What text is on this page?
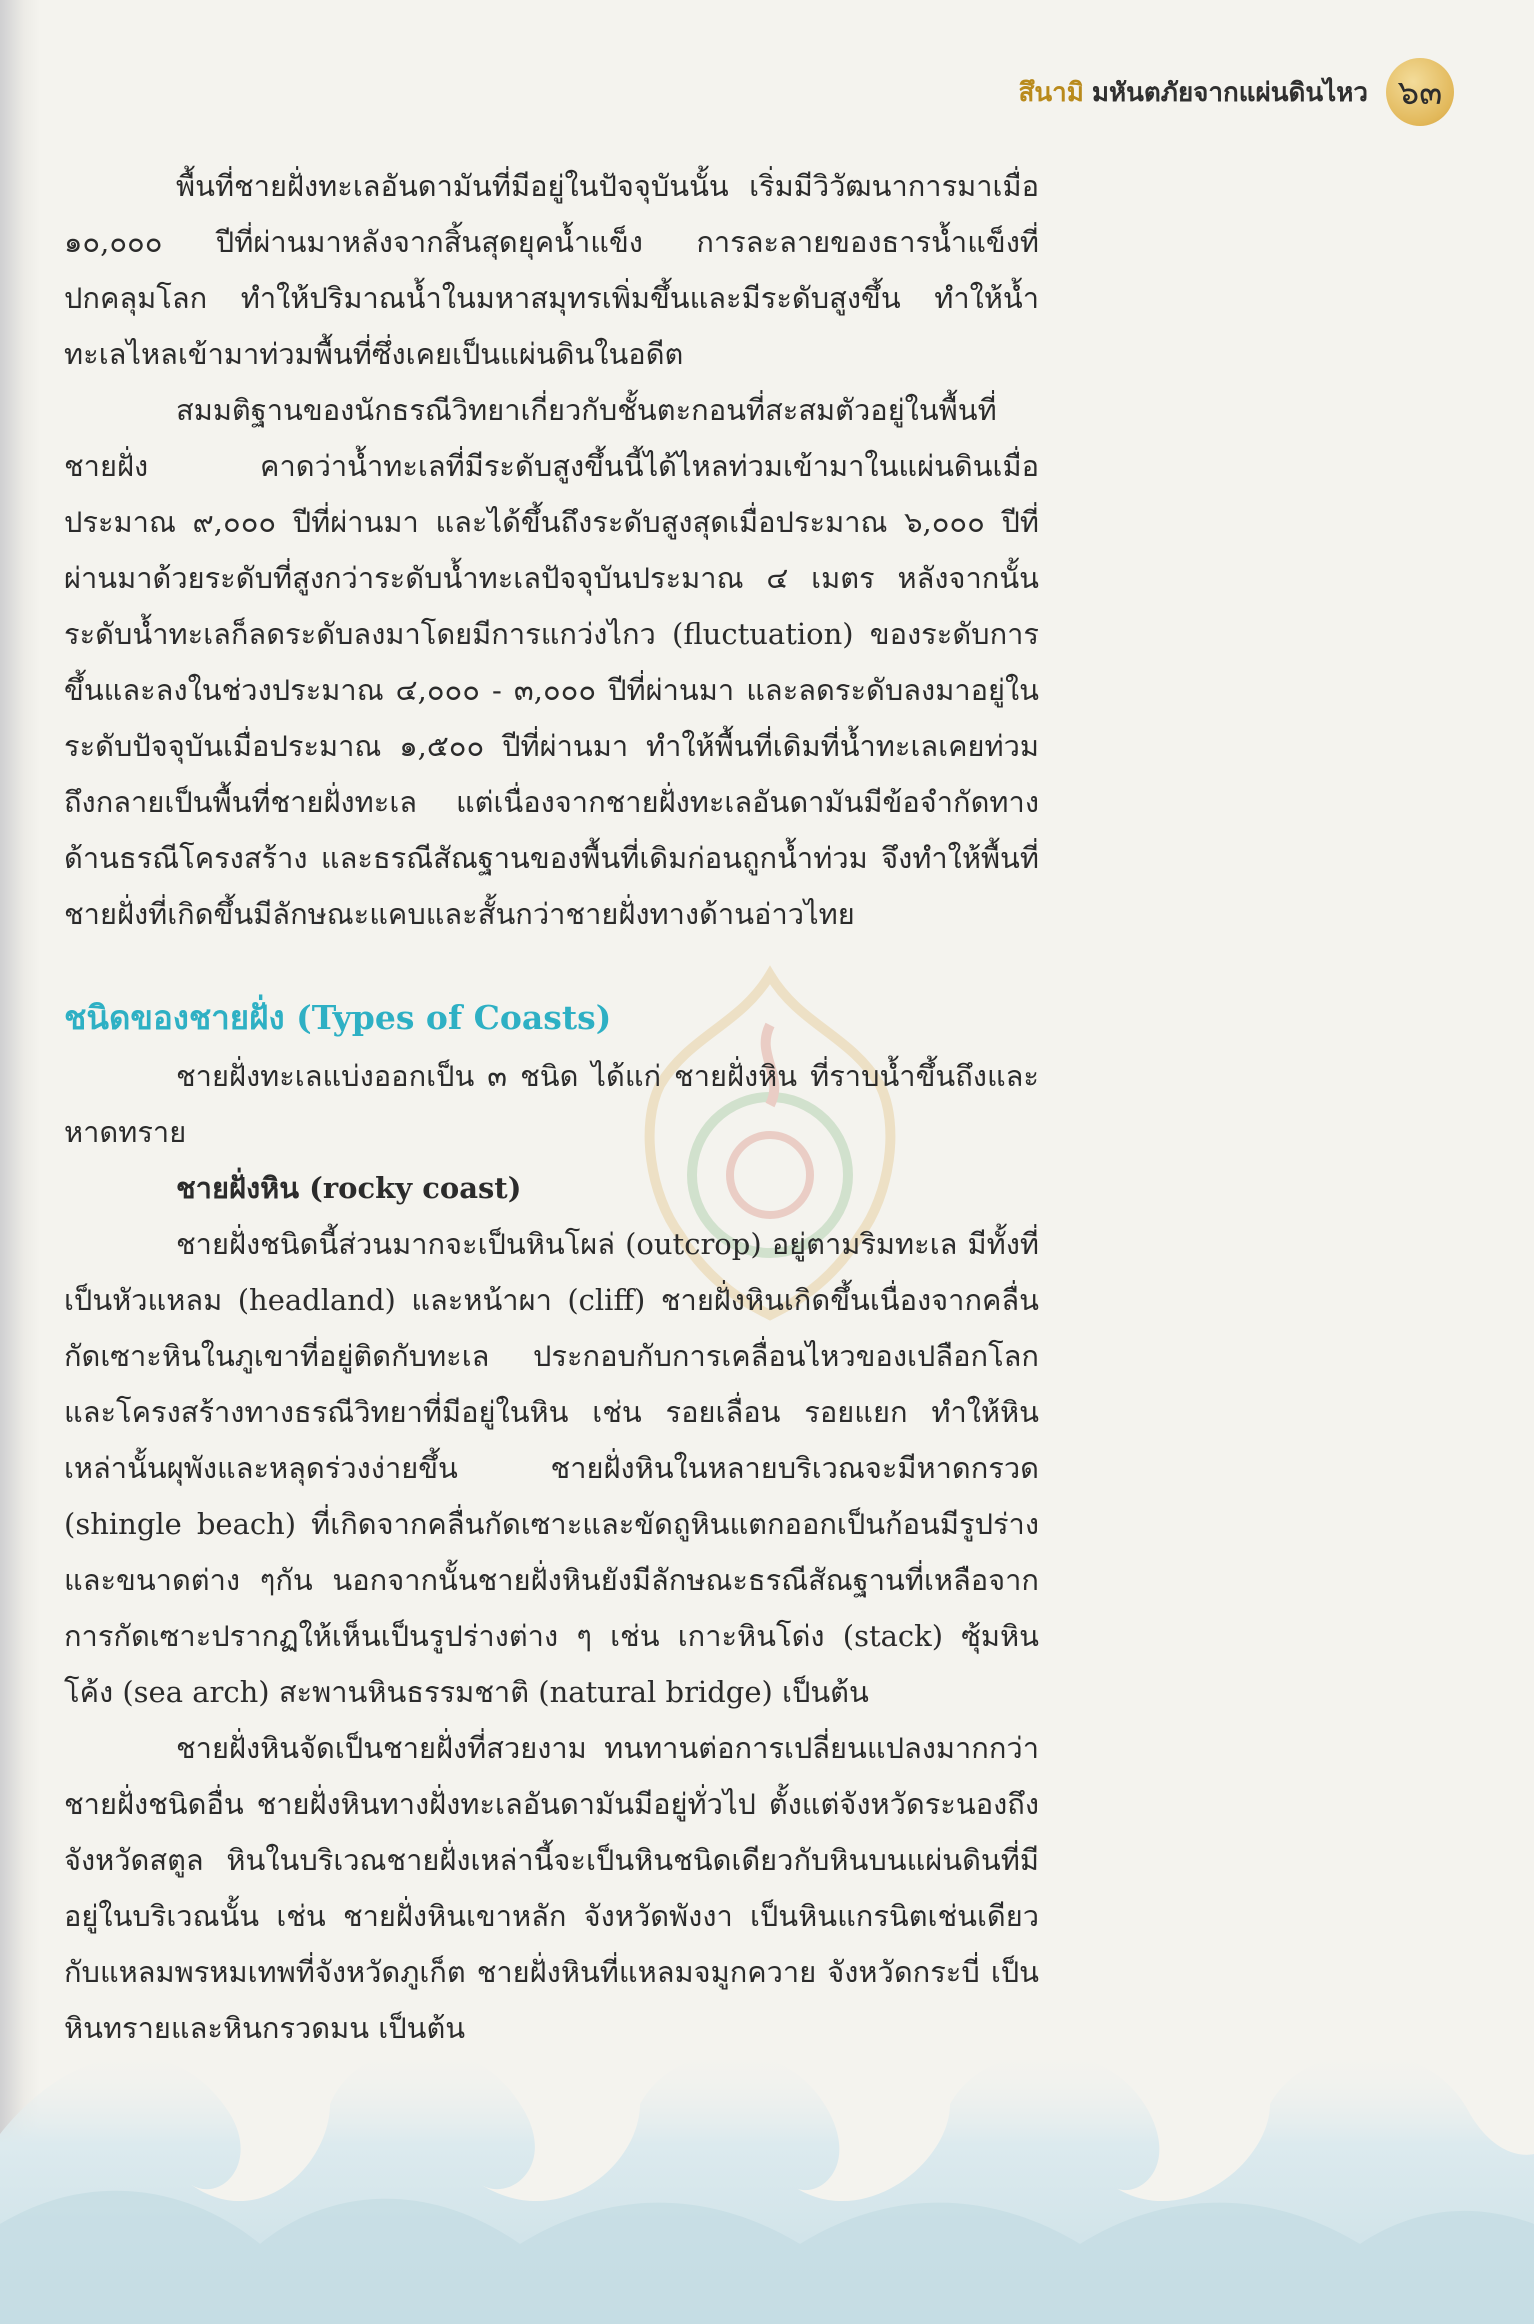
สึนามิ มหันตภัยจากแผ่นดินไหว ๖๓

พื้นที่ชายฝั่งทะเลอันดามันที่มีอยู่ในปัจจุบันนั้น เริ่มมีวิวัฒนาการมาเมื่อ ๑๐,๐๐๐ ปีที่ผ่านมาหลังจากสิ้นสุดยุคน้ำแข็ง การละลายของธารน้ำแข็งที่ปกคลุมโลก ทำให้ปริมาณน้ำในมหาสมุทรเพิ่มขึ้นและมีระดับสูงขึ้น ทำให้น้ำทะเลไหลเข้ามาท่วมพื้นที่ซึ่งเคยเป็นแผ่นดินในอดีต

สมมติฐานของนักธรณีวิทยาเกี่ยวกับชั้นตะกอนที่สะสมตัวอยู่ในพื้นที่ชายฝั่ง คาดว่าน้ำทะเลที่มีระดับสูงขึ้นนี้ได้ไหลท่วมเข้ามาในแผ่นดินเมื่อประมาณ ๙,๐๐๐ ปีที่ผ่านมา และได้ขึ้นถึงระดับสูงสุดเมื่อประมาณ ๖,๐๐๐ ปีที่ผ่านมาด้วยระดับที่สูงกว่าระดับน้ำทะเลปัจจุบันประมาณ ๔ เมตร หลังจากนั้นระดับน้ำทะเลก็ลดระดับลงมาโดยมีการแกว่งไกว (fluctuation) ของระดับการขึ้นและลงในช่วงประมาณ ๔,๐๐๐ - ๓,๐๐๐ ปีที่ผ่านมา และลดระดับลงมาอยู่ในระดับปัจจุบันเมื่อประมาณ ๑,๕๐๐ ปีที่ผ่านมา ทำให้พื้นที่เดิมที่น้ำทะเลเคยท่วมถึงกลายเป็นพื้นที่ชายฝั่งทะเล แต่เนื่องจากชายฝั่งทะเลอันดามันมีข้อจำกัดทางด้านธรณีโครงสร้าง และธรณีสัณฐานของพื้นที่เดิมก่อนถูกน้ำท่วม จึงทำให้พื้นที่ชายฝั่งที่เกิดขึ้นมีลักษณะแคบและสั้นกว่าชายฝั่งทางด้านอ่าวไทย

ชนิดของชายฝั่ง (Types of Coasts)

ชายฝั่งทะเลแบ่งออกเป็น ๓ ชนิด ได้แก่ ชายฝั่งหิน ที่ราบน้ำขึ้นถึงและหาดทราย

ชายฝั่งหิน (rocky coast)

ชายฝั่งชนิดนี้ส่วนมากจะเป็นหินโผล่ (outcrop) อยู่ตามริมทะเล มีทั้งที่เป็นหัวแหลม (headland) และหน้าผา (cliff) ชายฝั่งหินเกิดขึ้นเนื่องจากคลื่นกัดเซาะหินในภูเขาที่อยู่ติดกับทะเล ประกอบกับการเคลื่อนไหวของเปลือกโลกและโครงสร้างทางธรณีวิทยาที่มีอยู่ในหิน เช่น รอยเลื่อน รอยแยก ทำให้หินเหล่านั้นผุพังและหลุดร่วงง่ายขึ้น ชายฝั่งหินในหลายบริเวณจะมีหาดกรวด (shingle beach) ที่เกิดจากคลื่นกัดเซาะและขัดถูหินแตกออกเป็นก้อนมีรูปร่างและขนาดต่าง ๆกัน นอกจากนั้นชายฝั่งหินยังมีลักษณะธรณีสัณฐานที่เหลือจากการกัดเซาะปรากฏให้เห็นเป็นรูปร่างต่าง ๆ เช่น เกาะหินโด่ง (stack) ซุ้มหินโค้ง (sea arch) สะพานหินธรรมชาติ (natural bridge) เป็นต้น

ชายฝั่งหินจัดเป็นชายฝั่งที่สวยงาม ทนทานต่อการเปลี่ยนแปลงมากกว่าชายฝั่งชนิดอื่น ชายฝั่งหินทางฝั่งทะเลอันดามันมีอยู่ทั่วไป ตั้งแต่จังหวัดระนองถึงจังหวัดสตูล หินในบริเวณชายฝั่งเหล่านี้จะเป็นหินชนิดเดียวกับหินบนแผ่นดินที่มีอยู่ในบริเวณนั้น เช่น ชายฝั่งหินเขาหลัก จังหวัดพังงา เป็นหินแกรนิตเช่นเดียวกับแหลมพรหมเทพที่จังหวัดภูเก็ต ชายฝั่งหินที่แหลมจมูกควาย จังหวัดกระบี่ เป็นหินทรายและหินกรวดมน เป็นต้น
